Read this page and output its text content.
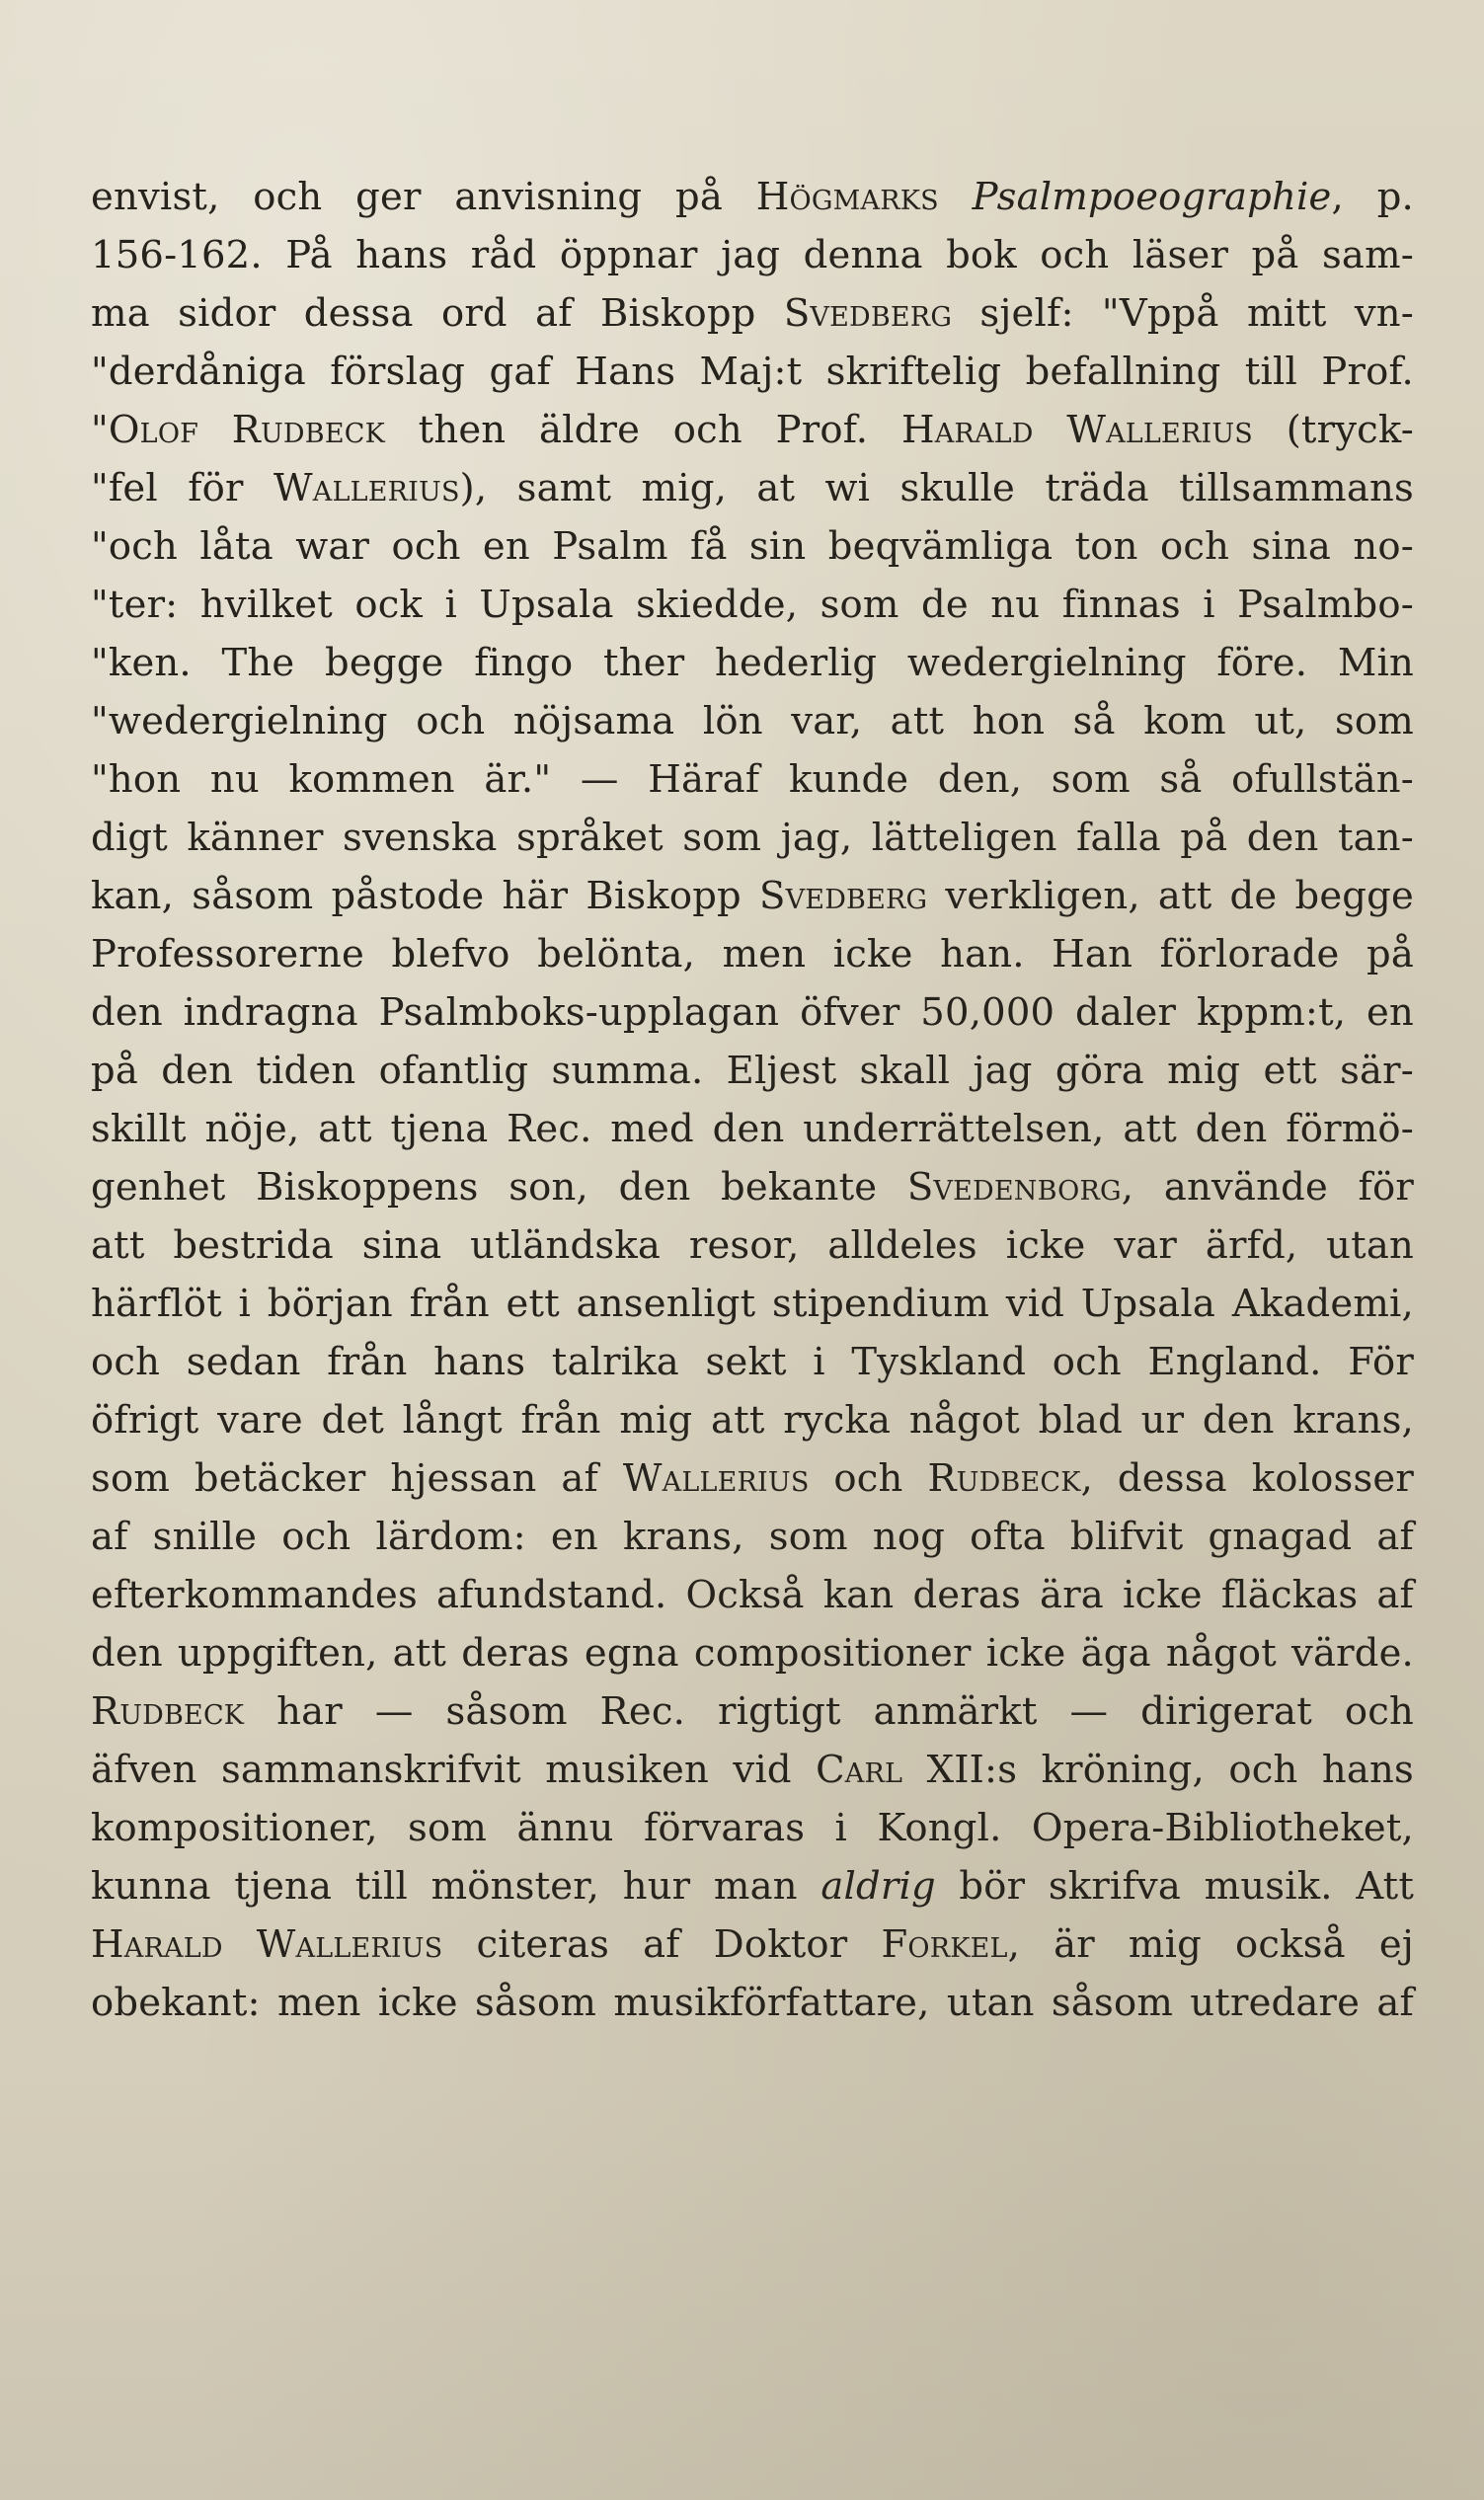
envist, och ger anvisning på Högmarks Psalmpoeographie, p.
156-162. På hans råd öppnar jag denna bok och läser på sam-
ma sidor dessa ord af Biskopp Svedberg sjelf: "Vppå mitt vn-
"derdåniga förslag gaf Hans Maj:t skriftelig befallning till Prof.
"Olof Rudbeck then äldre och Prof. Harald Wallerius (tryck-
"fel för Wallerius), samt mig, at wi skulle träda tillsammans
"och låta war och en Psalm få sin beqvämliga ton och sina no-
"ter: hvilket ock i Upsala skiedde, som de nu finnas i Psalmbo-
"ken. The begge fingo ther hederlig wedergielning före. Min
"wedergielning och nöjsama lön var, att hon så kom ut, som
"hon nu kommen är." — Häraf kunde den, som så ofullstän-
digt känner svenska språket som jag, lätteligen falla på den tan-
kan, såsom påstode här Biskopp Svedberg verkligen, att de begge
Professorerne blefvo belönta, men icke han. Han förlorade på
den indragna Psalmboks-upplagan öfver 50,000 daler kppm:t, en
på den tiden ofantlig summa. Eljest skall jag göra mig ett sär-
skillt nöje, att tjena Rec. med den underrättelsen, att den förmö-
genhet Biskoppens son, den bekante Svedenborg, använde för
att bestrida sina utländska resor, alldeles icke var ärfd, utan
härflöt i början från ett ansenligt stipendium vid Upsala Akademi,
och sedan från hans talrika sekt i Tyskland och England. För
öfrigt vare det långt från mig att rycka något blad ur den krans,
som betäcker hjessan af Wallerius och Rudbeck, dessa kolosser
af snille och lärdom: en krans, som nog ofta blifvit gnagad af
efterkommandes afundstand. Också kan deras ära icke fläckas af
den uppgiften, att deras egna compositioner icke äga något värde.
Rudbeck har — såsom Rec. rigtigt anmärkt — dirigerat och
äfven sammanskrifvit musiken vid Carl XII:s kröning, och hans
kompositioner, som ännu förvaras i Kongl. Opera-Bibliotheket,
kunna tjena till mönster, hur man aldrig bör skrifva musik. Att
Harald Wallerius citeras af Doktor Forkel, är mig också ej
obekant: men icke såsom musikförfattare, utan såsom utredare af
